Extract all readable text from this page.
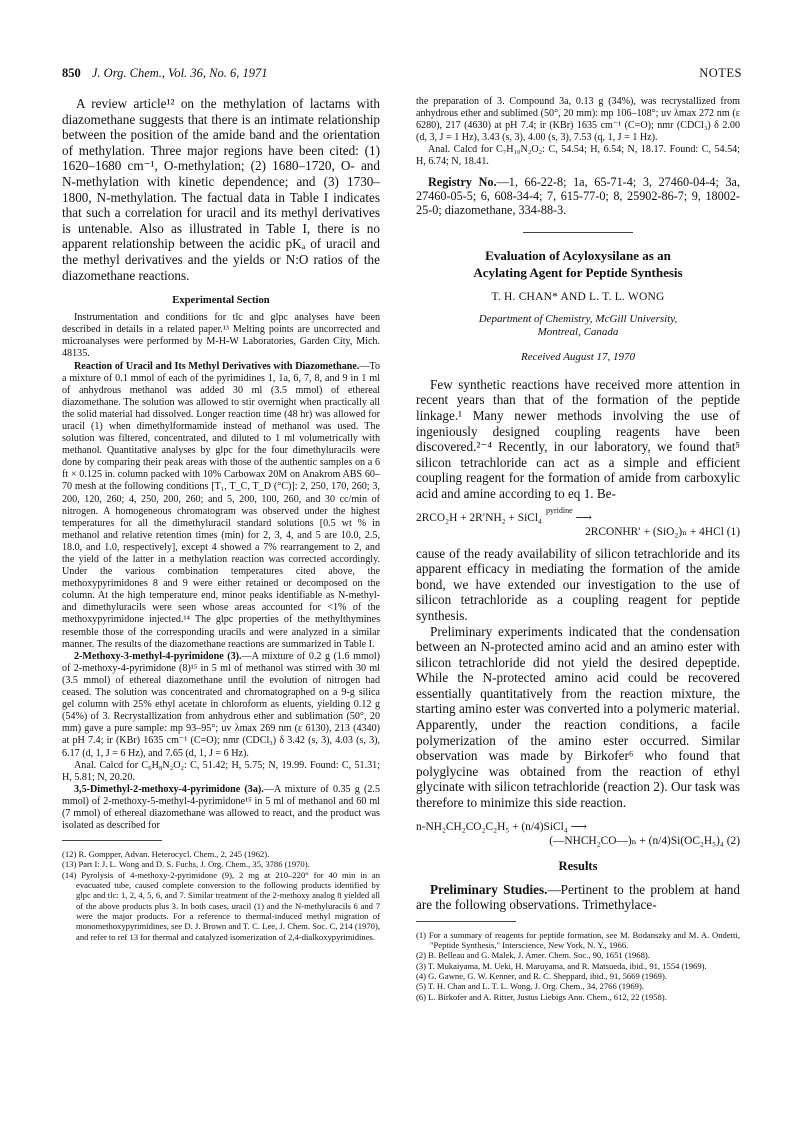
850 J. Org. Chem., Vol. 36, No. 6, 1971	NOTES

A review article¹² on the methylation of lactams with diazomethane suggests that there is an intimate relationship between the position of the amide band and the orientation of methylation. Three major regions have been cited: (1) 1620–1680 cm⁻¹, O-methylation; (2) 1680–1720, O- and N-methylation with kinetic dependence; and (3) 1730–1800, N-methylation. The factual data in Table I indicates that such a correlation for uracil and its methyl derivatives is untenable. Also as illustrated in Table I, there is no apparent relationship between the acidic pKₐ of uracil and the methyl derivatives and the yields or N:O ratios of the diazomethane reactions.

Experimental Section

Instrumentation and conditions for tlc and glpc analyses have been described in details in a related paper.¹³ Melting points are uncorrected and microanalyses were performed by M-H-W Laboratories, Garden City, Mich. 48135.

Reaction of Uracil and Its Methyl Derivatives with Diazomethane.—To a mixture of 0.1 mmol of each of the pyrimidines 1, 1a, 6, 7, 8, and 9 in 1 ml of anhydrous methanol was added 30 ml (3.5 mmol) of ethereal diazomethane. The solution was allowed to stir overnight when practically all the solid material had dissolved. Longer reaction time (48 hr) was allowed for uracil (1) when dimethylformamide instead of methanol was used. The solution was filtered, concentrated, and diluted to 1 ml volumetrically with methanol. Quantitative analyses by glpc for the four dimethyluracils were done by comparing their peak areas with those of the authentic samples on a 6 ft × 0.125 in. column packed with 10% Carbowax 20M on Anakrom ABS 60–70 mesh at the following conditions [T₁, T_C, T_D (°C)]: 2, 250, 170, 260; 3, 200, 120, 260; 4, 250, 200, 260; and 5, 200, 100, 260, and 30 cc/min of nitrogen. A homogeneous chromatogram was observed under the highest temperatures for all the dimethyluracil standard solutions [0.5 wt % in methanol and relative retention times (min) for 2, 3, 4, and 5 are 10.0, 2.5, 18.0, and 1.0, respectively], except 4 showed a 7% rearrangement to 2, and the yield of the latter in a methylation reaction was corrected accordingly. Under the various combination temperatures cited above, the methoxypyrimidones 8 and 9 were either retained or decomposed on the column. At the high temperature end, minor peaks identifiable as N-methyl- and dimethyluracils were seen whose areas accounted for <1% of the methoxypyrimidone injected.¹⁴ The glpc properties of the methylthymines resemble those of the corresponding uracils and were analyzed in a similar manner. The results of the diazomethane reactions are summarized in Table I.

2-Methoxy-3-methyl-4-pyrimidone (3).—A mixture of 0.2 g (1.6 mmol) of 2-methoxy-4-pyrimidone (8)¹⁵ in 5 ml of methanol was stirred with 30 ml (3.5 mmol) of ethereal diazomethane until the evolution of nitrogen had ceased. The solution was concentrated and chromatographed on a 9-g silica gel column with 25% ethyl acetate in chloroform as eluents, yielding 0.12 g (54%) of 3. Recrystallization from anhydrous ether and sublimation (50°, 20 mm) gave a pure sample: mp 93–95°; uv λmax 269 nm (ε 6130), 213 (4340) at pH 7.4; ir (KBr) 1635 cm⁻¹ (C=O); nmr (CDCl₃) δ 3.42 (s, 3), 4.03 (s, 3), 6.17 (d, 1, J = 6 Hz), and 7.65 (d, 1, J = 6 Hz).

Anal. Calcd for C₆H₈N₂O₂: C, 51.42; H, 5.75; N, 19.99. Found: C, 51.31; H, 5.81; N, 20.20.

3,5-Dimethyl-2-methoxy-4-pyrimidone (3a).—A mixture of 0.35 g (2.5 mmol) of 2-methoxy-5-methyl-4-pyrimidone¹⁵ in 5 ml of methanol and 60 ml (7 mmol) of ethereal diazomethane was allowed to react, and the product was isolated as described for

(12) R. Gompper, Advan. Heterocycl. Chem., 2, 245 (1962).

(13) Part I: J. L. Wong and D. S. Fuchs, J. Org. Chem., 35, 3786 (1970).

(14) Pyrolysis of 4-methoxy-2-pyrimidone (9), 2 mg at 210–220° for 40 min in an evacuated tube, caused complete conversion to the following products identified by glpc and tlc: 1, 2, 4, 5, 6, and 7. Similar treatment of the 2-methoxy analog 8 yielded all of the above products plus 3. In both cases, uracil (1) and the N-methyluracils 6 and 7 were the major products. For a reference to thermal-induced methyl migration of monomethoxypyrimidines, see D. J. Brown and T. C. Lee, J. Chem. Soc. C, 214 (1970), and refer to ref 13 for thermal and catalyzed isomerization of 2,4-dialkoxypyrimidines.

the preparation of 3. Compound 3a, 0.13 g (34%), was recrystallized from anhydrous ether and sublimed (50°, 20 mm): mp 106–108°; uv λmax 272 nm (ε 6280), 217 (4630) at pH 7.4; ir (KBr) 1635 cm⁻¹ (C=O); nmr (CDCl₃) δ 2.00 (d, 3, J = 1 Hz), 3.43 (s, 3), 4.00 (s, 3), 7.53 (q, 1, J = 1 Hz).

Anal. Calcd for C₇H₁₀N₂O₂: C, 54.54; H, 6.54; N, 18.17. Found: C, 54.54; H, 6.74; N, 18.41.

Registry No.—1, 66-22-8; 1a, 65-71-4; 3, 27460-04-4; 3a, 27460-05-5; 6, 608-34-4; 7, 615-77-0; 8, 25902-86-7; 9, 18002-25-0; diazomethane, 334-88-3.

Evaluation of Acyloxysilane as an
Acylating Agent for Peptide Synthesis
T. H. CHAN* AND L. T. L. WONG
Department of Chemistry, McGill University,
Montreal, Canada
Received August 17, 1970

Few synthetic reactions have received more attention in recent years than that of the formation of the peptide linkage.¹ Many newer methods involving the use of ingeniously designed coupling reagents have been discovered.²⁻⁴ Recently, in our laboratory, we found that⁵ silicon tetrachloride can act as a simple and efficient coupling reagent for the formation of amide from carboxylic acid and amine according to eq 1. Be-

2RCO₂H + 2R′NH₂ + SiCl₄$^{pyridine}$ ⟶
2RCONHR′ + (SiO₂)ₙ + 4HCl (1)

cause of the ready availability of silicon tetrachloride and its apparent efficacy in mediating the formation of the amide bond, we have extended our investigation to the use of silicon tetrachloride as a coupling reagent for peptide synthesis.

Preliminary experiments indicated that the condensation between an N-protected amino acid and an amino ester with silicon tetrachloride did not yield the desired depeptide. While the N-protected amino acid could be recovered essentially quantitatively from the reaction mixture, the starting amino ester was converted into a polymeric material. Apparently, under the reaction conditions, a facile polymerization of the amino ester occurred. Similar observation was made by Birkofer⁶ who found that polyglycine was obtained from the reaction of ethyl glycinate with silicon tetrachloride (reaction 2). Our task was therefore to minimize this side reaction.

n-NH₂CH₂CO₂C₂H₅ + (n/4)SiCl₄ ⟶
(—NHCH₂CO—)ₙ + (n/4)Si(OC₂H₅)₄ (2)
Results

Preliminary Studies.—Pertinent to the problem at hand are the following observations. Trimethylace-

(1) For a summary of reagents for peptide formation, see M. Bodanszky and M. A. Ondetti, "Peptide Synthesis," Interscience, New York, N. Y., 1966.

(2) B. Belleau and G. Malek, J. Amer. Chem. Soc., 90, 1651 (1968).

(3) T. Mukaiyama, M. Ueki, H. Maruyama, and R. Matsueda, ibid., 91, 1554 (1969).

(4) G. Gawne, G. W. Kenner, and R. C. Sheppard, ibid., 91, 5669 (1969).

(5) T. H. Chan and L. T. L. Wong, J. Org. Chem., 34, 2766 (1969).

(6) L. Birkofer and A. Ritter, Justus Liebigs Ann. Chem., 612, 22 (1958).
